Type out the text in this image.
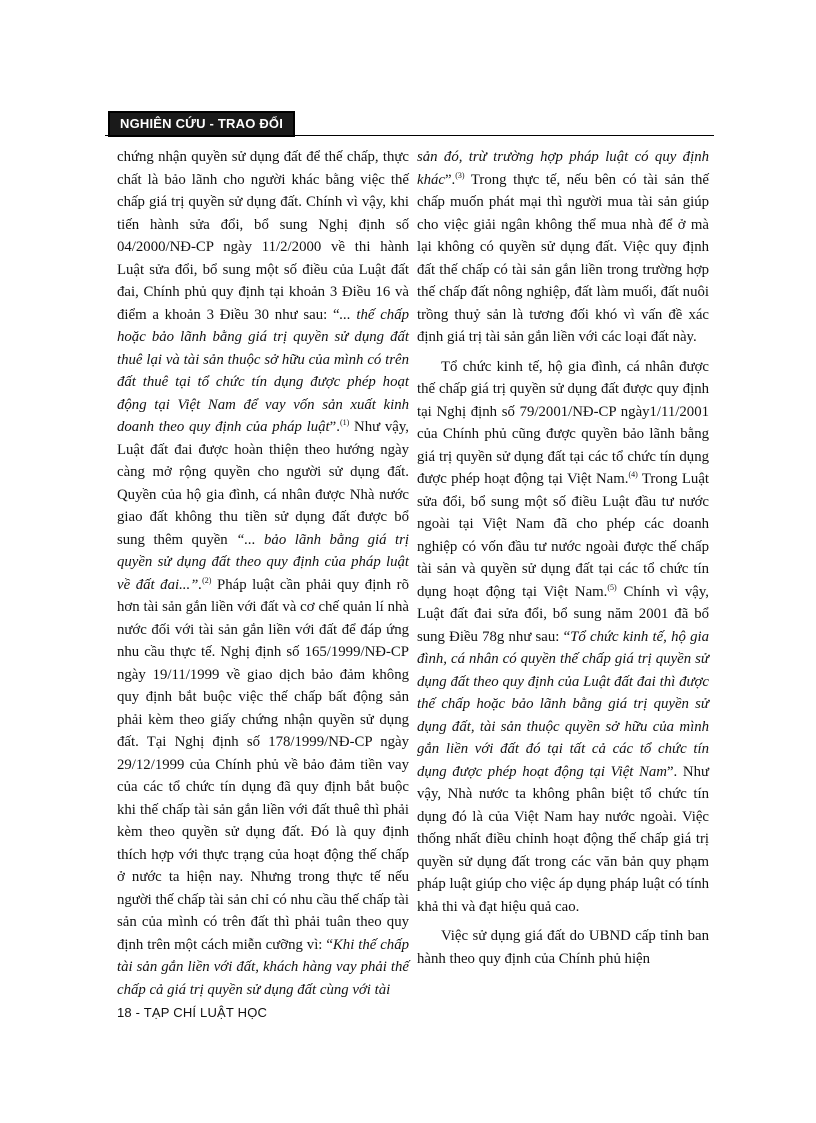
NGHIÊN CỨU - TRAO ĐỔI

chứng nhận quyền sử dụng đất để thế chấp, thực chất là bảo lãnh cho người khác bằng việc thế chấp giá trị quyền sử dụng đất. Chính vì vậy, khi tiến hành sửa đổi, bổ sung Nghị định số 04/2000/NĐ-CP ngày 11/2/2000 về thi hành Luật sửa đổi, bổ sung một số điều của Luật đất đai, Chính phủ quy định tại khoản 3 Điều 16 và điểm a khoản 3 Điều 30 như sau: “... thế chấp hoặc bảo lãnh bằng giá trị quyền sử dụng đất thuê lại và tài sản thuộc sở hữu của mình có trên đất thuê tại tổ chức tín dụng được phép hoạt động tại Việt Nam để vay vốn sản xuất kinh doanh theo quy định của pháp luật”.$^{(1)}$ Như vậy, Luật đất đai được hoàn thiện theo hướng ngày càng mở rộng quyền cho người sử dụng đất. Quyền của hộ gia đình, cá nhân được Nhà nước giao đất không thu tiền sử dụng đất được bổ sung thêm quyền “... bảo lãnh bằng giá trị quyền sử dụng đất theo quy định của pháp luật về đất đai...”.$^{(2)}$ Pháp luật cần phải quy định rõ hơn tài sản gắn liền với đất và cơ chế quản lí nhà nước đối với tài sản gắn liền với đất để đáp ứng nhu cầu thực tế. Nghị định số 165/1999/NĐ-CP ngày 19/11/1999 về giao dịch bảo đảm không quy định bắt buộc việc thế chấp bất động sản phải kèm theo giấy chứng nhận quyền sử dụng đất. Tại Nghị định số 178/1999/NĐ-CP ngày 29/12/1999 của Chính phủ về bảo đảm tiền vay của các tổ chức tín dụng đã quy định bắt buộc khi thế chấp tài sản gắn liền với đất thuê thì phải kèm theo quyền sử dụng đất. Đó là quy định thích hợp với thực trạng của hoạt động thế chấp ở nước ta hiện nay. Nhưng trong thực tế nếu người thế chấp tài sản chỉ có nhu cầu thế chấp tài sản của mình có trên đất thì phải tuân theo quy định trên một cách miễn cưỡng vì: “Khi thế chấp tài sản gắn liền với đất, khách hàng vay phải thế chấp cả giá trị quyền sử dụng đất cùng với tài

sản đó, trừ trường hợp pháp luật có quy định khác”.$^{(3)}$ Trong thực tế, nếu bên có tài sản thế chấp muốn phát mại thì người mua tài sản giúp cho việc giải ngân không thể mua nhà để ở mà lại không có quyền sử dụng đất. Việc quy định đất thế chấp có tài sản gắn liền trong trường hợp thế chấp đất nông nghiệp, đất làm muối, đất nuôi trồng thuỷ sản là tương đối khó vì vấn đề xác định giá trị tài sản gắn liền với các loại đất này.

Tổ chức kinh tế, hộ gia đình, cá nhân được thế chấp giá trị quyền sử dụng đất được quy định tại Nghị định số 79/2001/NĐ-CP ngày1/11/2001 của Chính phủ cũng được quyền bảo lãnh bằng giá trị quyền sử dụng đất tại các tổ chức tín dụng được phép hoạt động tại Việt Nam.$^{(4)}$ Trong Luật sửa đổi, bổ sung một số điều Luật đầu tư nước ngoài tại Việt Nam đã cho phép các doanh nghiệp có vốn đầu tư nước ngoài được thế chấp tài sản và quyền sử dụng đất tại các tổ chức tín dụng hoạt động tại Việt Nam.$^{(5)}$ Chính vì vậy, Luật đất đai sửa đổi, bổ sung năm 2001 đã bổ sung Điều 78g như sau: “Tổ chức kinh tế, hộ gia đình, cá nhân có quyền thế chấp giá trị quyền sử dụng đất theo quy định của Luật đất đai thì được thế chấp hoặc bảo lãnh bằng giá trị quyền sử dụng đất, tài sản thuộc quyền sở hữu của mình gắn liền với đất đó tại tất cả các tổ chức tín dụng được phép hoạt động tại Việt Nam”. Như vậy, Nhà nước ta không phân biệt tổ chức tín dụng đó là của Việt Nam hay nước ngoài. Việc thống nhất điều chỉnh hoạt động thế chấp giá trị quyền sử dụng đất trong các văn bản quy phạm pháp luật giúp cho việc áp dụng pháp luật có tính khả thi và đạt hiệu quả cao.

Việc sử dụng giá đất do UBND cấp tỉnh ban hành theo quy định của Chính phủ hiện

18 - TẠP CHÍ LUẬT HỌC
